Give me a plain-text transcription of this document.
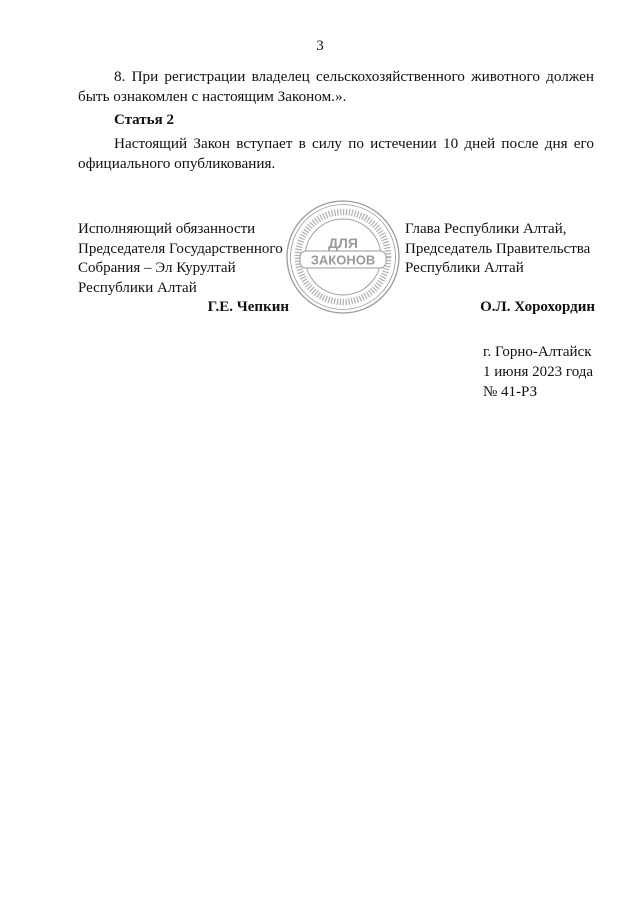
3
8. При регистрации владелец сельскохозяйственного животного должен быть ознакомлен с настоящим Законом.».
Статья 2
Настоящий Закон вступает в силу по истечении 10 дней после дня его официального опубликования.
Исполняющий обязанности
Председателя Государственного
Собрания – Эл Курултай
Республики Алтай
Г.Е. Чепкин
ДЛЯ
ЗАКОНОВ
Глава Республики Алтай,
Председатель Правительства
Республики Алтай
О.Л. Хорохордин
г. Горно-Алтайск
1 июня 2023 года
№ 41-РЗ
